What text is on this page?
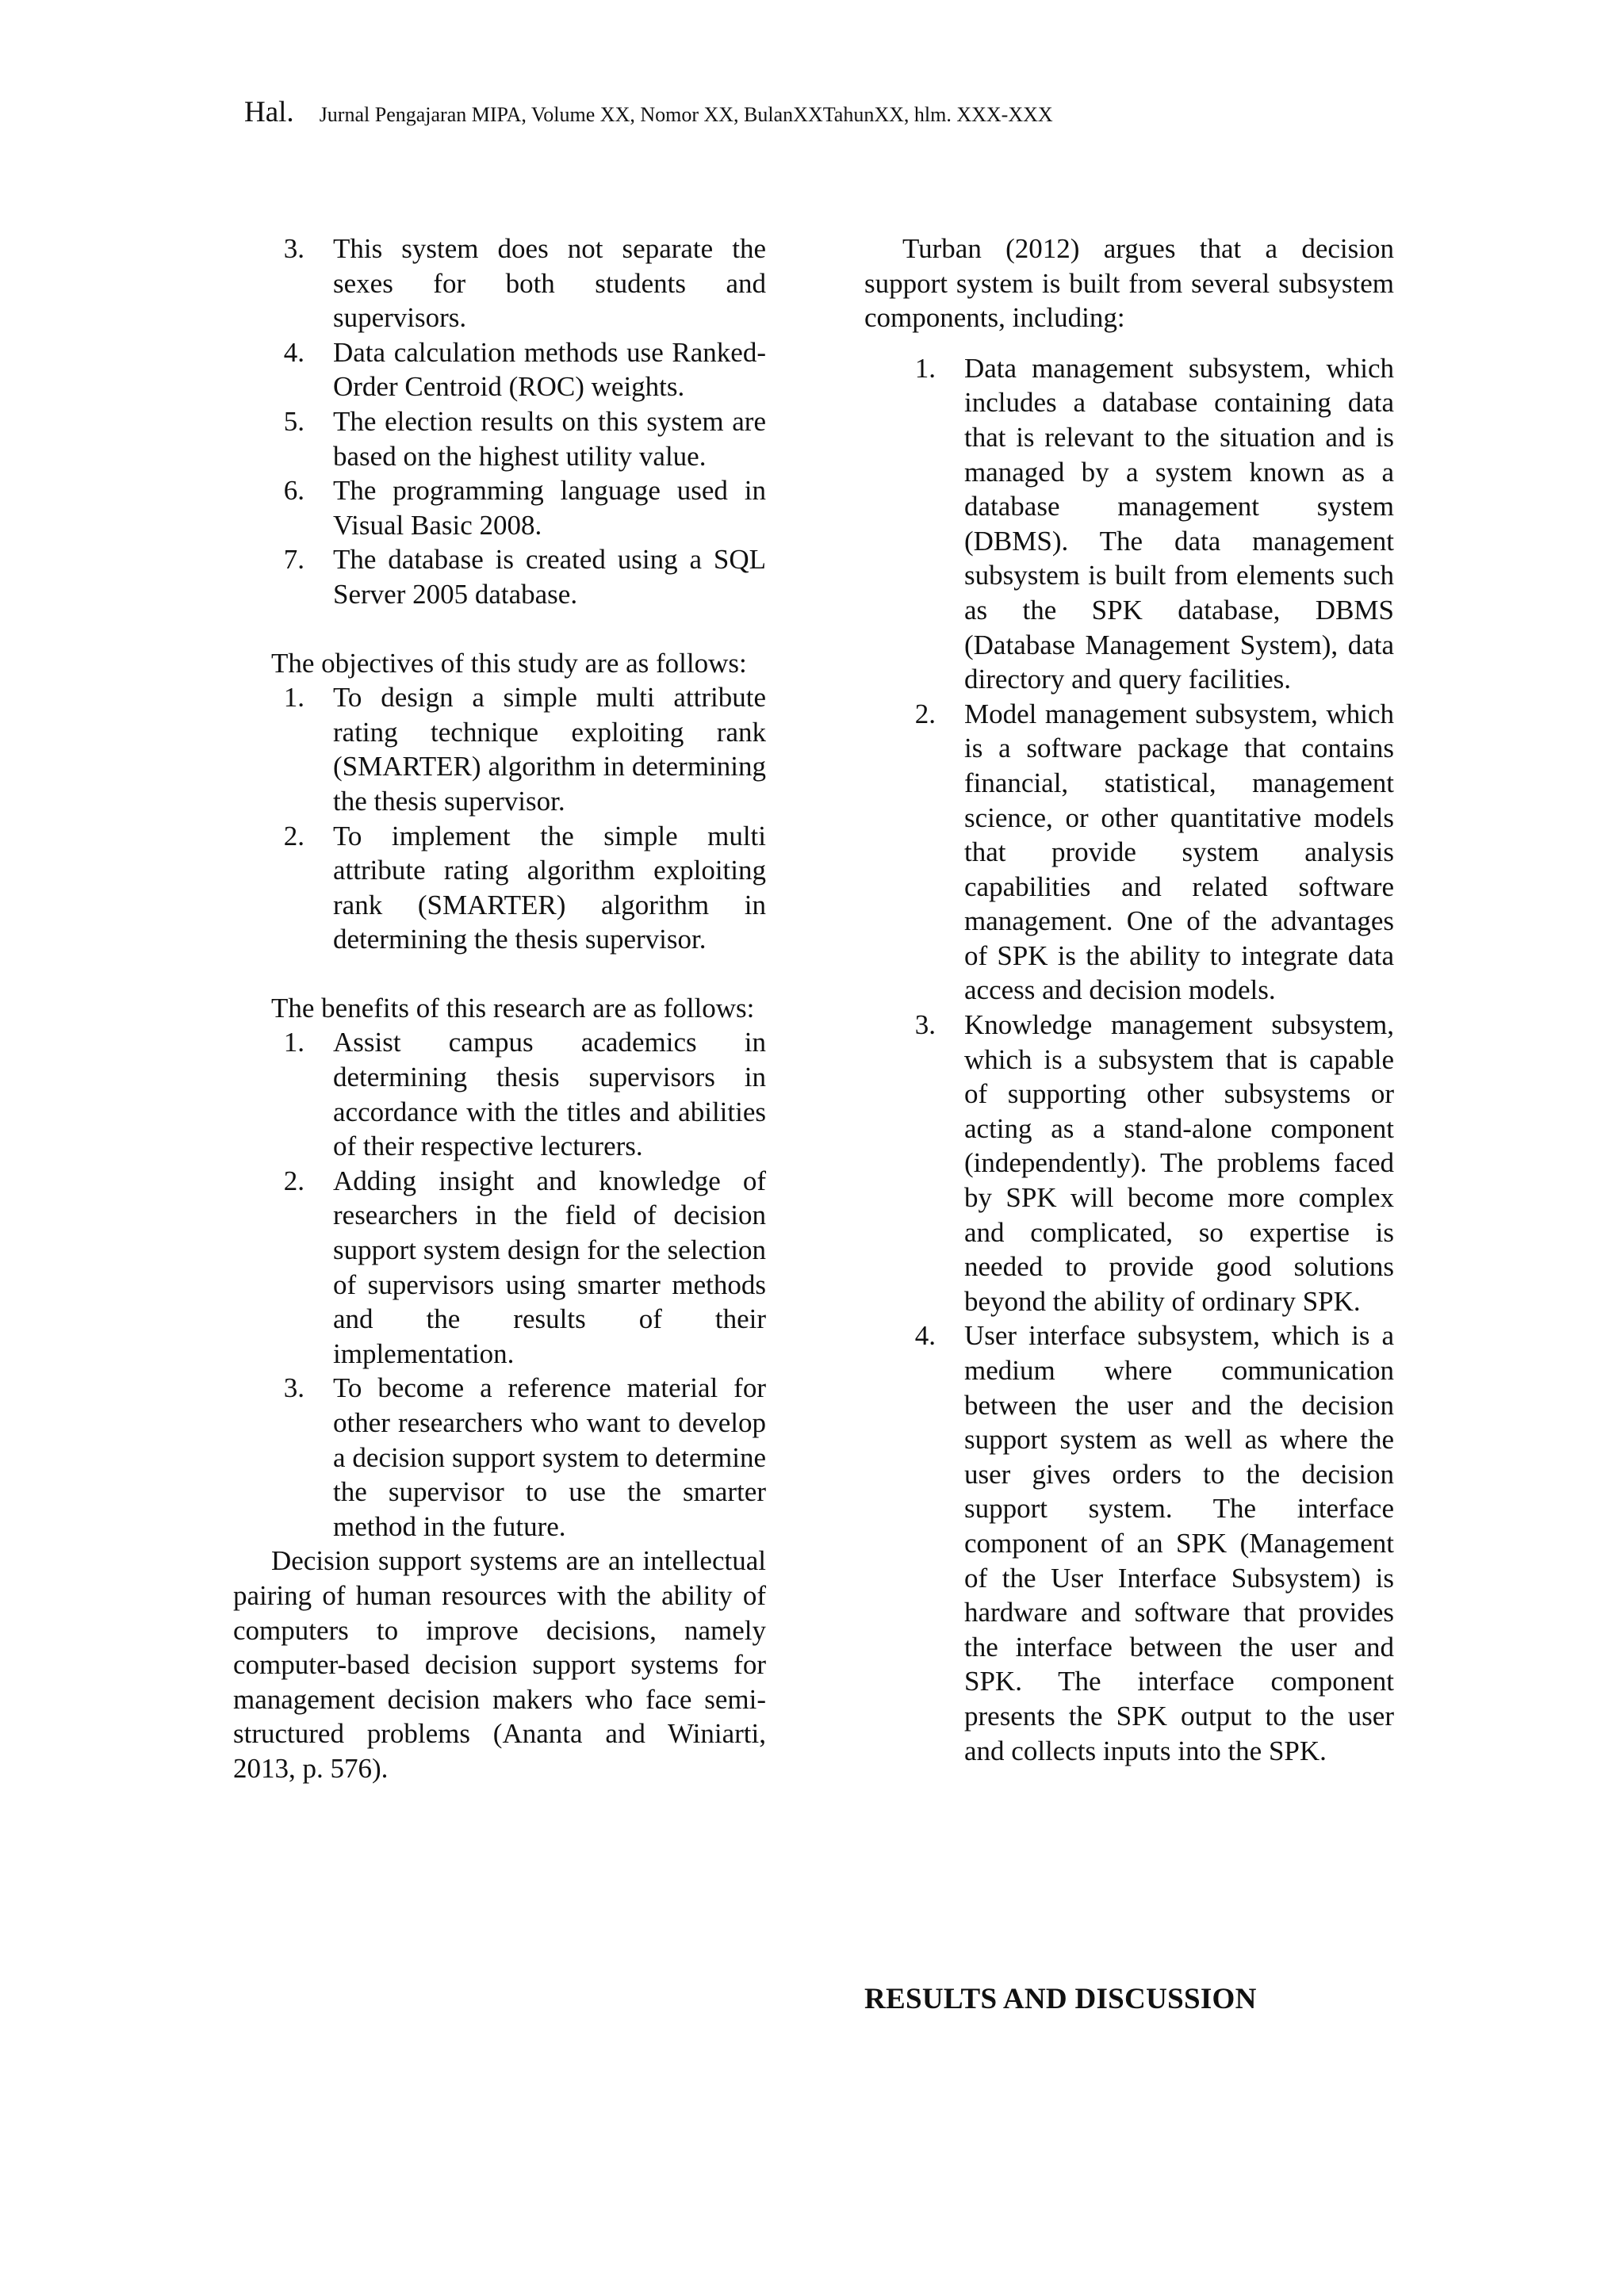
Hal. Jurnal Pengajaran MIPA, Volume XX, Nomor XX, BulanXXTahunXX, hlm. XXX-XXX
3. This system does not separate the sexes for both students and supervisors.
4. Data calculation methods use Ranked-Order Centroid (ROC) weights.
5. The election results on this system are based on the highest utility value.
6. The programming language used in Visual Basic 2008.
7. The database is created using a SQL Server 2005 database.

The objectives of this study are as follows:

1. To design a simple multi attribute rating technique exploiting rank (SMARTER) algorithm in determining the thesis supervisor.
2. To implement the simple multi attribute rating algorithm exploiting rank (SMARTER) algorithm in determining the thesis supervisor.

The benefits of this research are as follows:

1. Assist campus academics in determining thesis supervisors in accordance with the titles and abilities of their respective lecturers.
2. Adding insight and knowledge of researchers in the field of decision support system design for the selection of supervisors using smarter methods and the results of their implementation.
3. To become a reference material for other researchers who want to develop a decision support system to determine the supervisor to use the smarter method in the future.

Decision support systems are an intellectual pairing of human resources with the ability of computers to improve decisions, namely computer-based decision support systems for management decision makers who face semi-structured problems (Ananta and Winiarti, 2013, p. 576).

Turban (2012) argues that a decision support system is built from several subsystem components, including:

1. Data management subsystem, which includes a database containing data that is relevant to the situation and is managed by a system known as a database management system (DBMS). The data management subsystem is built from elements such as the SPK database, DBMS (Database Management System), data directory and query facilities.
2. Model management subsystem, which is a software package that contains financial, statistical, management science, or other quantitative models that provide system analysis capabilities and related software management. One of the advantages of SPK is the ability to integrate data access and decision models.
3. Knowledge management subsystem, which is a subsystem that is capable of supporting other subsystems or acting as a stand-alone component (independently). The problems faced by SPK will become more complex and complicated, so expertise is needed to provide good solutions beyond the ability of ordinary SPK.
4. User interface subsystem, which is a medium where communication between the user and the decision support system as well as where the user gives orders to the decision support system. The interface component of an SPK (Management of the User Interface Subsystem) is hardware and software that provides the interface between the user and SPK. The interface component presents the SPK output to the user and collects inputs into the SPK.
RESULTS AND DISCUSSION
